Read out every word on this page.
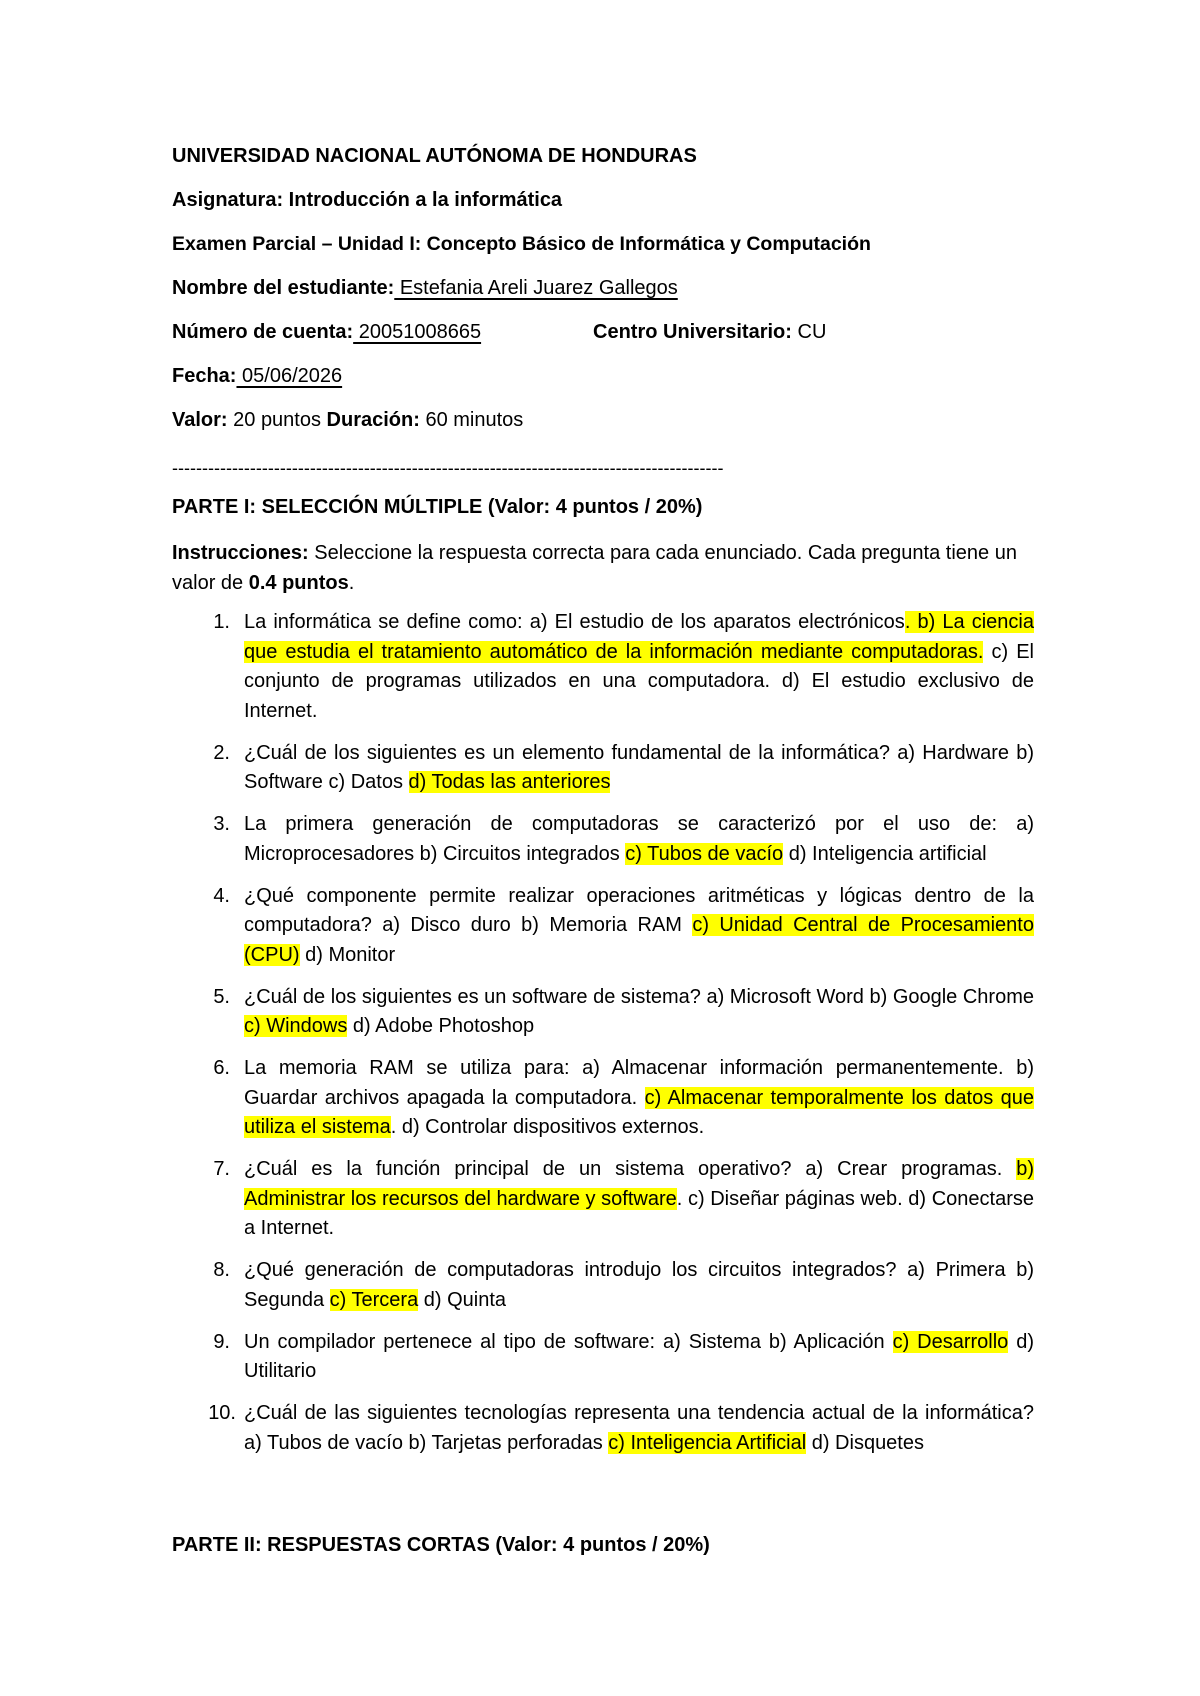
UNIVERSIDAD NACIONAL AUTÓNOMA DE HONDURAS
Asignatura: Introducción a la informática
Examen Parcial – Unidad I: Concepto Básico de Informática y Computación
Nombre del estudiante: Estefania Areli Juarez Gallegos
Número de cuenta: 20051008665	Centro Universitario: CU
Fecha: 05/06/2026
Valor: 20 puntos Duración: 60 minutos
--------------------------------------------------------------------------------------------
PARTE I: SELECCIÓN MÚLTIPLE (Valor: 4 puntos / 20%)
Instrucciones: Seleccione la respuesta correcta para cada enunciado. Cada pregunta tiene un valor de 0.4 puntos.
1. La informática se define como: a) El estudio de los aparatos electrónicos. b) La ciencia que estudia el tratamiento automático de la información mediante computadoras. c) El conjunto de programas utilizados en una computadora. d) El estudio exclusivo de Internet.
2. ¿Cuál de los siguientes es un elemento fundamental de la informática? a) Hardware b) Software c) Datos d) Todas las anteriores
3. La primera generación de computadoras se caracterizó por el uso de: a) Microprocesadores b) Circuitos integrados c) Tubos de vacío d) Inteligencia artificial
4. ¿Qué componente permite realizar operaciones aritméticas y lógicas dentro de la computadora? a) Disco duro b) Memoria RAM c) Unidad Central de Procesamiento (CPU) d) Monitor
5. ¿Cuál de los siguientes es un software de sistema? a) Microsoft Word b) Google Chrome c) Windows d) Adobe Photoshop
6. La memoria RAM se utiliza para: a) Almacenar información permanentemente. b) Guardar archivos apagada la computadora. c) Almacenar temporalmente los datos que utiliza el sistema. d) Controlar dispositivos externos.
7. ¿Cuál es la función principal de un sistema operativo? a) Crear programas. b) Administrar los recursos del hardware y software. c) Diseñar páginas web. d) Conectarse a Internet.
8. ¿Qué generación de computadoras introdujo los circuitos integrados? a) Primera b) Segunda c) Tercera d) Quinta
9. Un compilador pertenece al tipo de software: a) Sistema b) Aplicación c) Desarrollo d) Utilitario
10. ¿Cuál de las siguientes tecnologías representa una tendencia actual de la informática? a) Tubos de vacío b) Tarjetas perforadas c) Inteligencia Artificial d) Disquetes
PARTE II: RESPUESTAS CORTAS (Valor: 4 puntos / 20%)
